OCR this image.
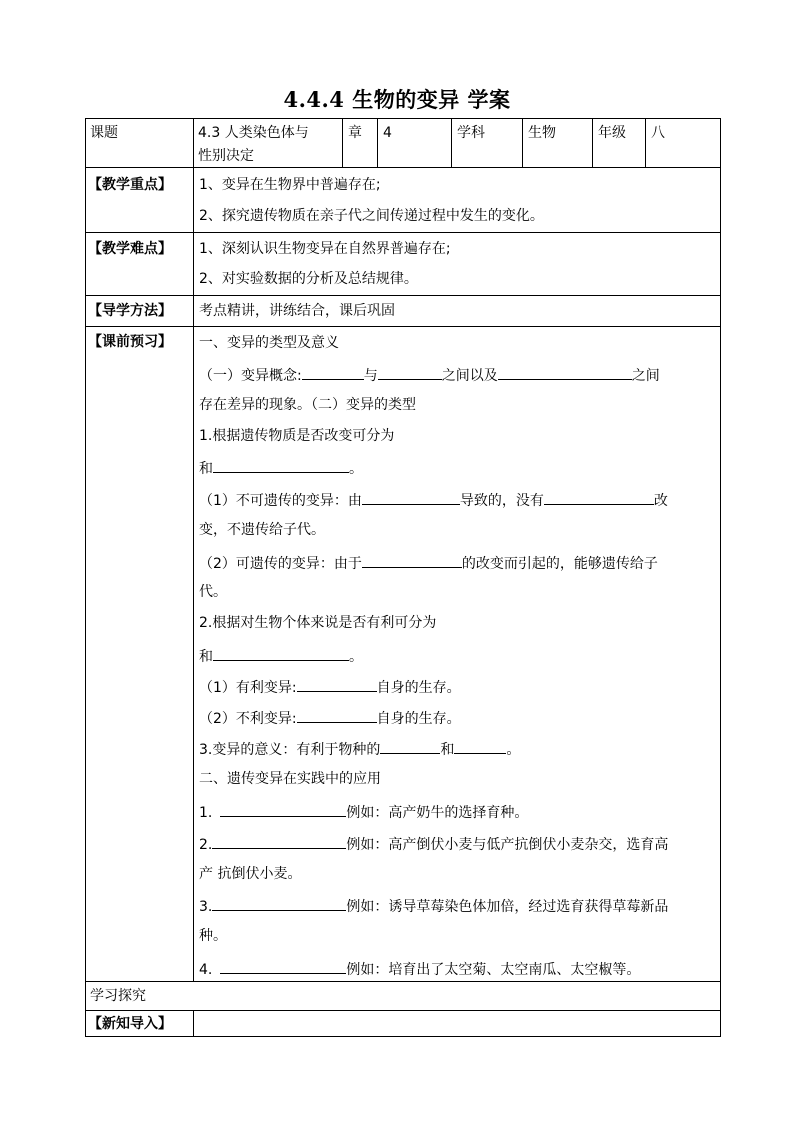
4.4.4 生物的变异 学案
课题	4.3 人类染色体与
性别决定
章 4	学科	生物	年级 八
【教学重点】 1、变异在生物界中普遍存在;
2、探究遗传物质在亲子代之间传递过程中发生的变化。
【教学难点】 1、深刻认识生物变异在自然界普遍存在;
2、对实验数据的分析及总结规律。
【导学方法】 考点精讲，讲练结合，课后巩固
【课前预习】 一、变异的类型及意义
（一）变异概念:	与	之间以及	之间
存在差异的现象。（二）变异的类型
1.根据遗传物质是否改变可分为
和	。
（1）不可遗传的变异：由	导致的，没有	改
变，不遗传给子代。
（2）可遗传的变异：由于	的改变而引起的，能够遗传给子
代。
2.根据对生物个体来说是否有利可分为
和	。
（1）有利变异:	自身的生存。
（2）不利变异:	自身的生存。
3.变异的意义：有利于物种的	和	。
二、遗传变异在实践中的应用
1.	例如：高产奶牛的选择育种。
2.	例如：高产倒伏小麦与低产抗倒伏小麦杂交，选育高
产 抗倒伏小麦。
3.	例如：诱导草莓染色体加倍，经过选育获得草莓新品
种。
4.	例如：培育出了太空菊、太空南瓜、太空椒等。
学习探究
【新知导入】
